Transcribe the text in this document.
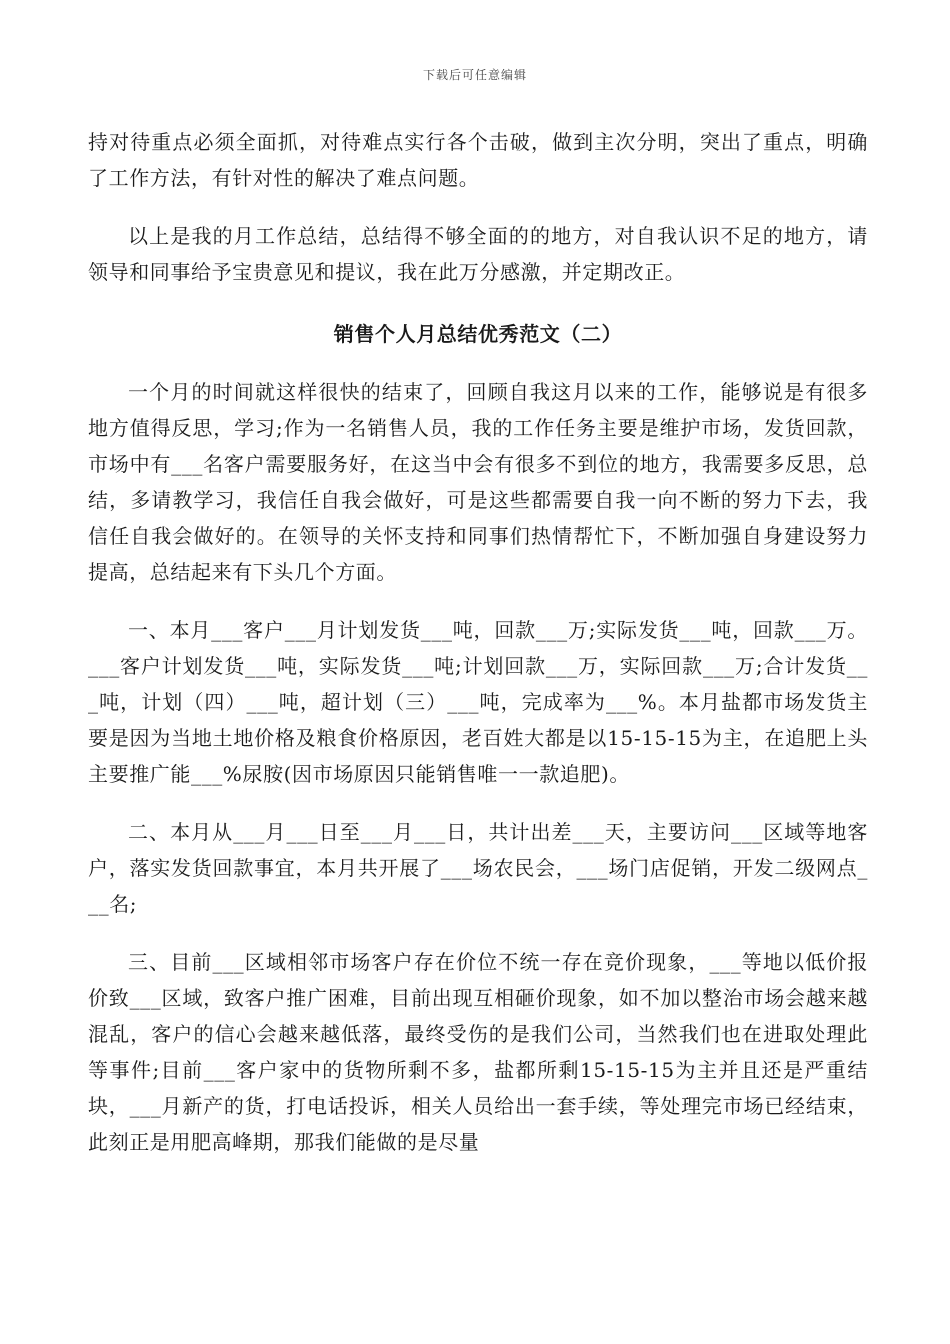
下载后可任意编辑

持对待重点必须全面抓，对待难点实行各个击破，做到主次分明，突出了重点，明确了工作方法，有针对性的解决了难点问题。

以上是我的月工作总结，总结得不够全面的的地方，对自我认识不足的地方，请领导和同事给予宝贵意见和提议，我在此万分感激，并定期改正。

销售个人月总结优秀范文（二）

一个月的时间就这样很快的结束了，回顾自我这月以来的工作，能够说是有很多地方值得反思，学习;作为一名销售人员，我的工作任务主要是维护市场，发货回款，市场中有___名客户需要服务好，在这当中会有很多不到位的地方，我需要多反思，总结，多请教学习，我信任自我会做好，可是这些都需要自我一向不断的努力下去，我信任自我会做好的。在领导的关怀支持和同事们热情帮忙下，不断加强自身建设努力提高，总结起来有下头几个方面。

一、本月___客户___月计划发货___吨，回款___万;实际发货___吨，回款___万。___客户计划发货___吨，实际发货___吨;计划回款___万，实际回款___万;合计发货___吨，计划（四）___吨，超计划（三）___吨，完成率为___%。本月盐都市场发货主要是因为当地土地价格及粮食价格原因，老百姓大都是以15-15-15为主，在追肥上头主要推广能___%尿胺(因市场原因只能销售唯一一款追肥)。

二、本月从___月___日至___月___日，共计出差___天，主要访问___区域等地客户，落实发货回款事宜，本月共开展了___场农民会，___场门店促销，开发二级网点___名;

三、目前___区域相邻市场客户存在价位不统一存在竞价现象，___等地以低价报价致___区域，致客户推广困难，目前出现互相砸价现象，如不加以整治市场会越来越混乱，客户的信心会越来越低落，最终受伤的是我们公司，当然我们也在进取处理此等事件;目前___客户家中的货物所剩不多，盐都所剩15-15-15为主并且还是严重结块，___月新产的货，打电话投诉，相关人员给出一套手续，等处理完市场已经结束，此刻正是用肥高峰期，那我们能做的是尽量
